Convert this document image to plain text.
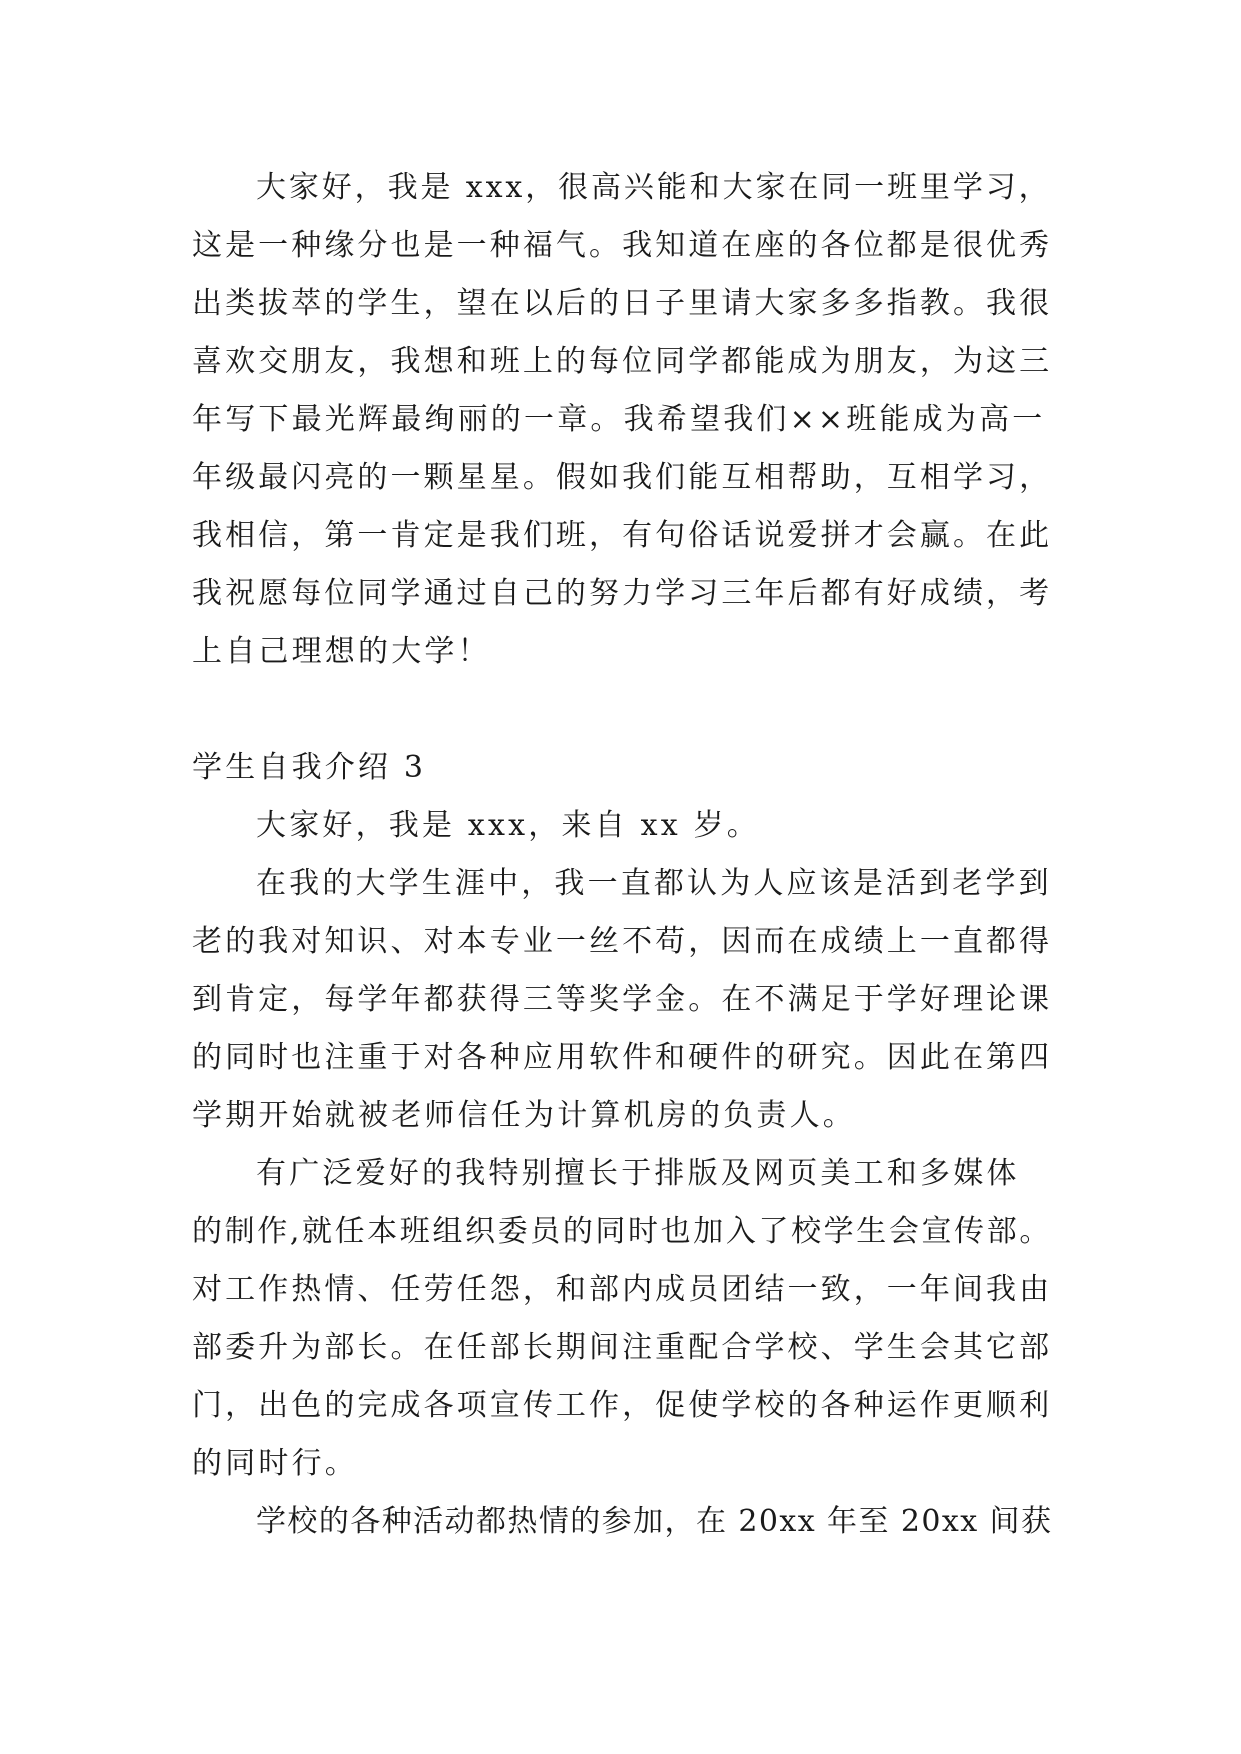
大家好，我是 xxx，很高兴能和大家在同一班里学习，
这是一种缘分也是一种福气。我知道在座的各位都是很优秀
出类拔萃的学生，望在以后的日子里请大家多多指教。我很
喜欢交朋友，我想和班上的每位同学都能成为朋友，为这三
年写下最光辉最绚丽的一章。我希望我们××班能成为高一
年级最闪亮的一颗星星。假如我们能互相帮助，互相学习，
我相信，第一肯定是我们班，有句俗话说爱拼才会赢。在此
我祝愿每位同学通过自己的努力学习三年后都有好成绩，考
上自己理想的大学！
学生自我介绍 3
大家好，我是 xxx，来自 xx 岁。
在我的大学生涯中，我一直都认为人应该是活到老学到
老的我对知识、对本专业一丝不苟，因而在成绩上一直都得
到肯定，每学年都获得三等奖学金。在不满足于学好理论课
的同时也注重于对各种应用软件和硬件的研究。因此在第四
学期开始就被老师信任为计算机房的负责人。
有广泛爱好的我特别擅长于排版及网页美工和多媒体
的制作,就任本班组织委员的同时也加入了校学生会宣传部。
对工作热情、任劳任怨，和部内成员团结一致，一年间我由
部委升为部长。在任部长期间注重配合学校、学生会其它部
门，出色的完成各项宣传工作，促使学校的各种运作更顺利
的同时行。
学校的各种活动都热情的参加，在 20xx 年至 20xx 间获
